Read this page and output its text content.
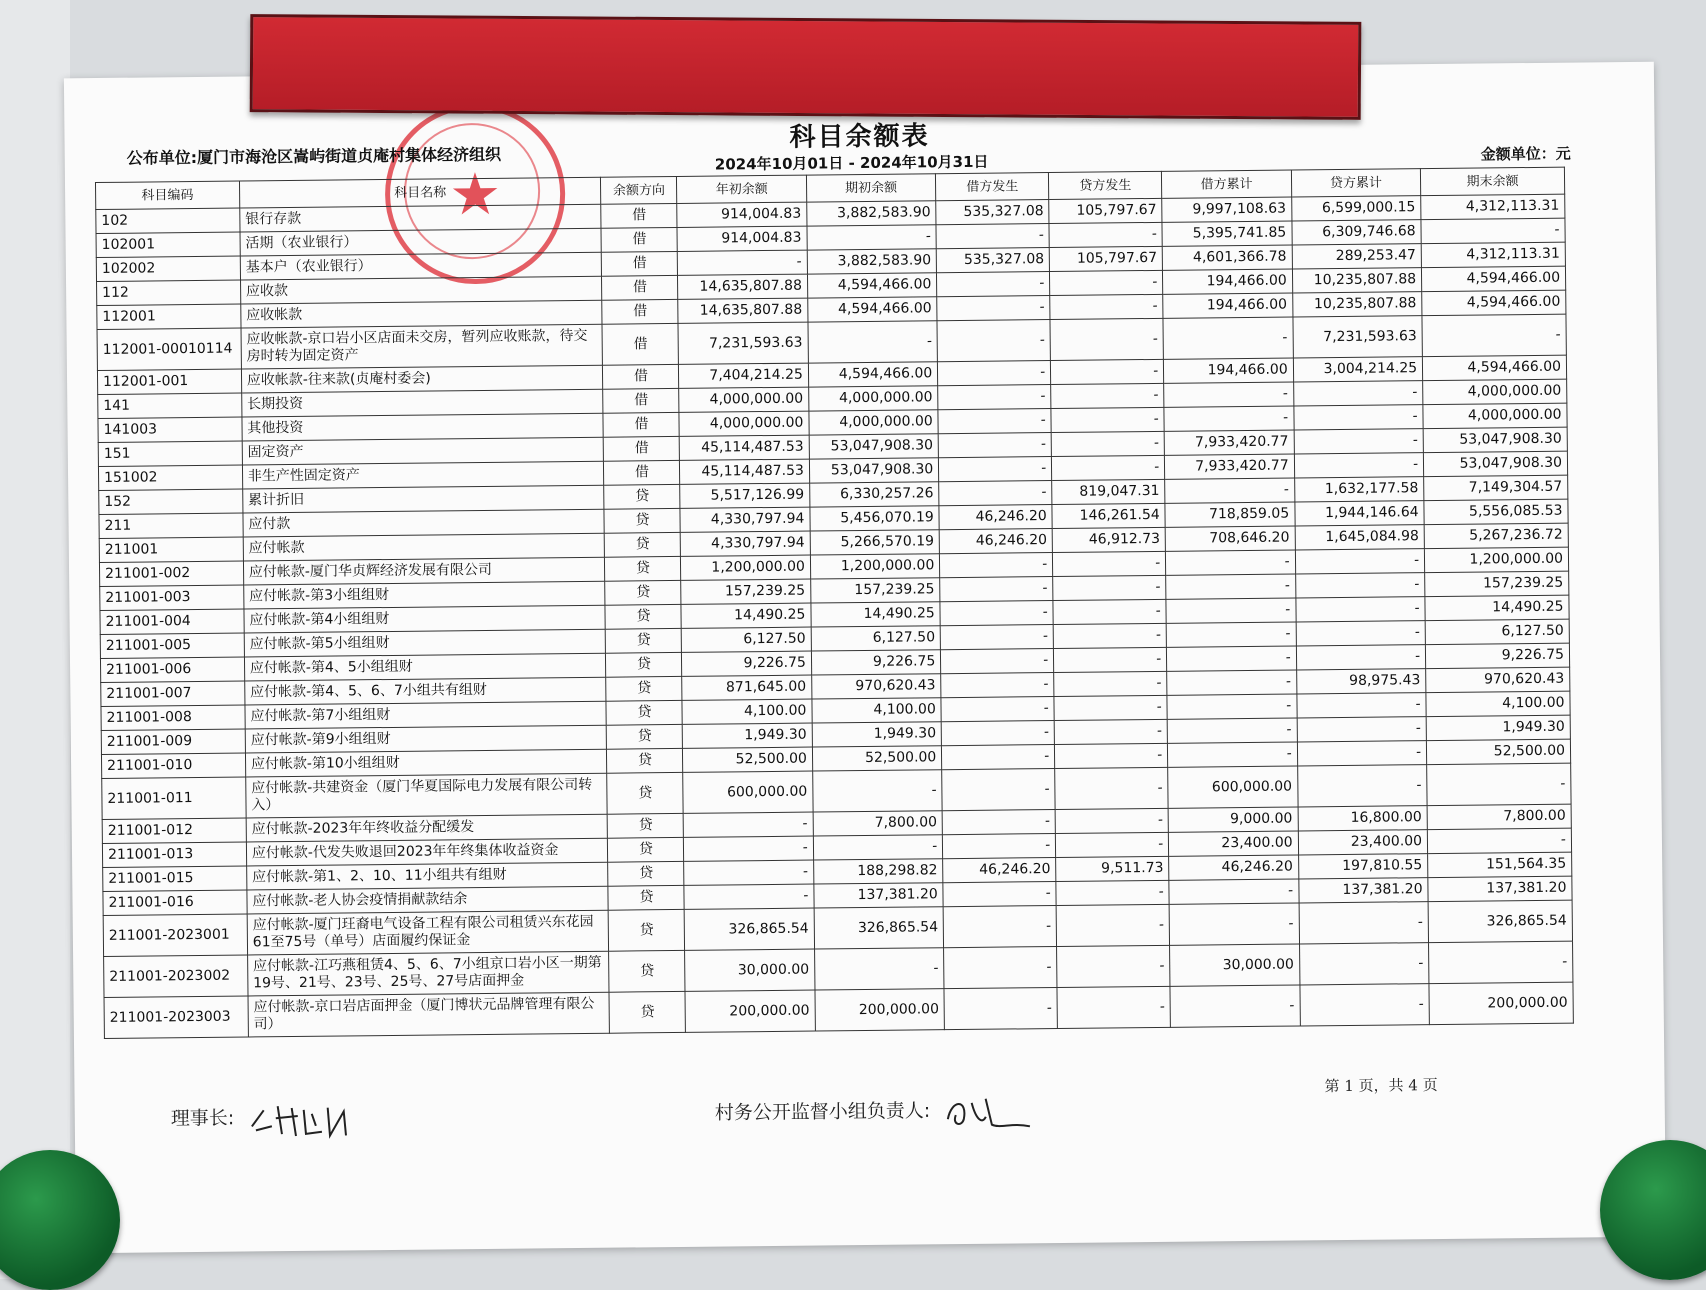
★
科目余额表
公布单位:厦门市海沧区嵩屿街道贞庵村集体经济组织	2024年10月01日 - 2024年10月31日	金额单位：元
科目编码	科目名称	余额方向	年初余额	期初余额	借方发生	贷方发生	借方累计	贷方累计	期末余额
102	银行存款	借	914,004.83	3,882,583.90	535,327.08	105,797.67	9,997,108.63	6,599,000.15	4,312,113.31
102001	活期（农业银行）	借	914,004.83	-	-	-	5,395,741.85	6,309,746.68	-
102002	基本户（农业银行）	借	-	3,882,583.90	535,327.08	105,797.67	4,601,366.78	289,253.47	4,312,113.31
112	应收款	借	14,635,807.88	4,594,466.00	-	-	194,466.00	10,235,807.88	4,594,466.00
112001	应收帐款	借	14,635,807.88	4,594,466.00	-	-	194,466.00	10,235,807.88	4,594,466.00
112001-00010114	应收帐款-京口岩小区店面未交房，暂列应收账款，待交房时转为固定资产	借	7,231,593.63	-	-	-	-	7,231,593.63	-
112001-001	应收帐款-往来款(贞庵村委会)	借	7,404,214.25	4,594,466.00	-	-	194,466.00	3,004,214.25	4,594,466.00
141	长期投资	借	4,000,000.00	4,000,000.00	-	-	-	-	4,000,000.00
141003	其他投资	借	4,000,000.00	4,000,000.00	-	-	-	-	4,000,000.00
151	固定资产	借	45,114,487.53	53,047,908.30	-	-	7,933,420.77	-	53,047,908.30
151002	非生产性固定资产	借	45,114,487.53	53,047,908.30	-	-	7,933,420.77	-	53,047,908.30
152	累计折旧	贷	5,517,126.99	6,330,257.26	-	819,047.31	-	1,632,177.58	7,149,304.57
211	应付款	贷	4,330,797.94	5,456,070.19	46,246.20	146,261.54	718,859.05	1,944,146.64	5,556,085.53
211001	应付帐款	贷	4,330,797.94	5,266,570.19	46,246.20	46,912.73	708,646.20	1,645,084.98	5,267,236.72
211001-002	应付帐款-厦门华贞辉经济发展有限公司	贷	1,200,000.00	1,200,000.00	-	-	-	-	1,200,000.00
211001-003	应付帐款-第3小组组财	贷	157,239.25	157,239.25	-	-	-	-	157,239.25
211001-004	应付帐款-第4小组组财	贷	14,490.25	14,490.25	-	-	-	-	14,490.25
211001-005	应付帐款-第5小组组财	贷	6,127.50	6,127.50	-	-	-	-	6,127.50
211001-006	应付帐款-第4、5小组组财	贷	9,226.75	9,226.75	-	-	-	-	9,226.75
211001-007	应付帐款-第4、5、6、7小组共有组财	贷	871,645.00	970,620.43	-	-	-	98,975.43	970,620.43
211001-008	应付帐款-第7小组组财	贷	4,100.00	4,100.00	-	-	-	-	4,100.00
211001-009	应付帐款-第9小组组财	贷	1,949.30	1,949.30	-	-	-	-	1,949.30
211001-010	应付帐款-第10小组组财	贷	52,500.00	52,500.00	-	-	-	-	52,500.00
211001-011	应付帐款-共建资金（厦门华夏国际电力发展有限公司转入）	贷	600,000.00	-	-	-	600,000.00	-	-
211001-012	应付帐款-2023年年终收益分配缓发	贷	-	7,800.00	-	-	9,000.00	16,800.00	7,800.00
211001-013	应付帐款-代发失败退回2023年年终集体收益资金	贷	-	-	-	-	23,400.00	23,400.00	-
211001-015	应付帐款-第1、2、10、11小组共有组财	贷	-	188,298.82	46,246.20	9,511.73	46,246.20	197,810.55	151,564.35
211001-016	应付帐款-老人协会疫情捐献款结余	贷	-	137,381.20	-	-	-	137,381.20	137,381.20
211001-2023001	应付帐款-厦门玨裔电气设备工程有限公司租赁兴东花园61至75号（单号）店面履约保证金	贷	326,865.54	326,865.54	-	-	-	-	326,865.54
211001-2023002	应付帐款-江巧燕租赁4、5、6、7小组京口岩小区一期第19号、21号、23号、25号、27号店面押金	贷	30,000.00	-	-	-	30,000.00	-	-
211001-2023003	应付帐款-京口岩店面押金（厦门博状元品牌管理有限公司）	贷	200,000.00	200,000.00	-	-	-	-	200,000.00
理事长:	村务公开监督小组负责人:
第 1 页，共 4 页
